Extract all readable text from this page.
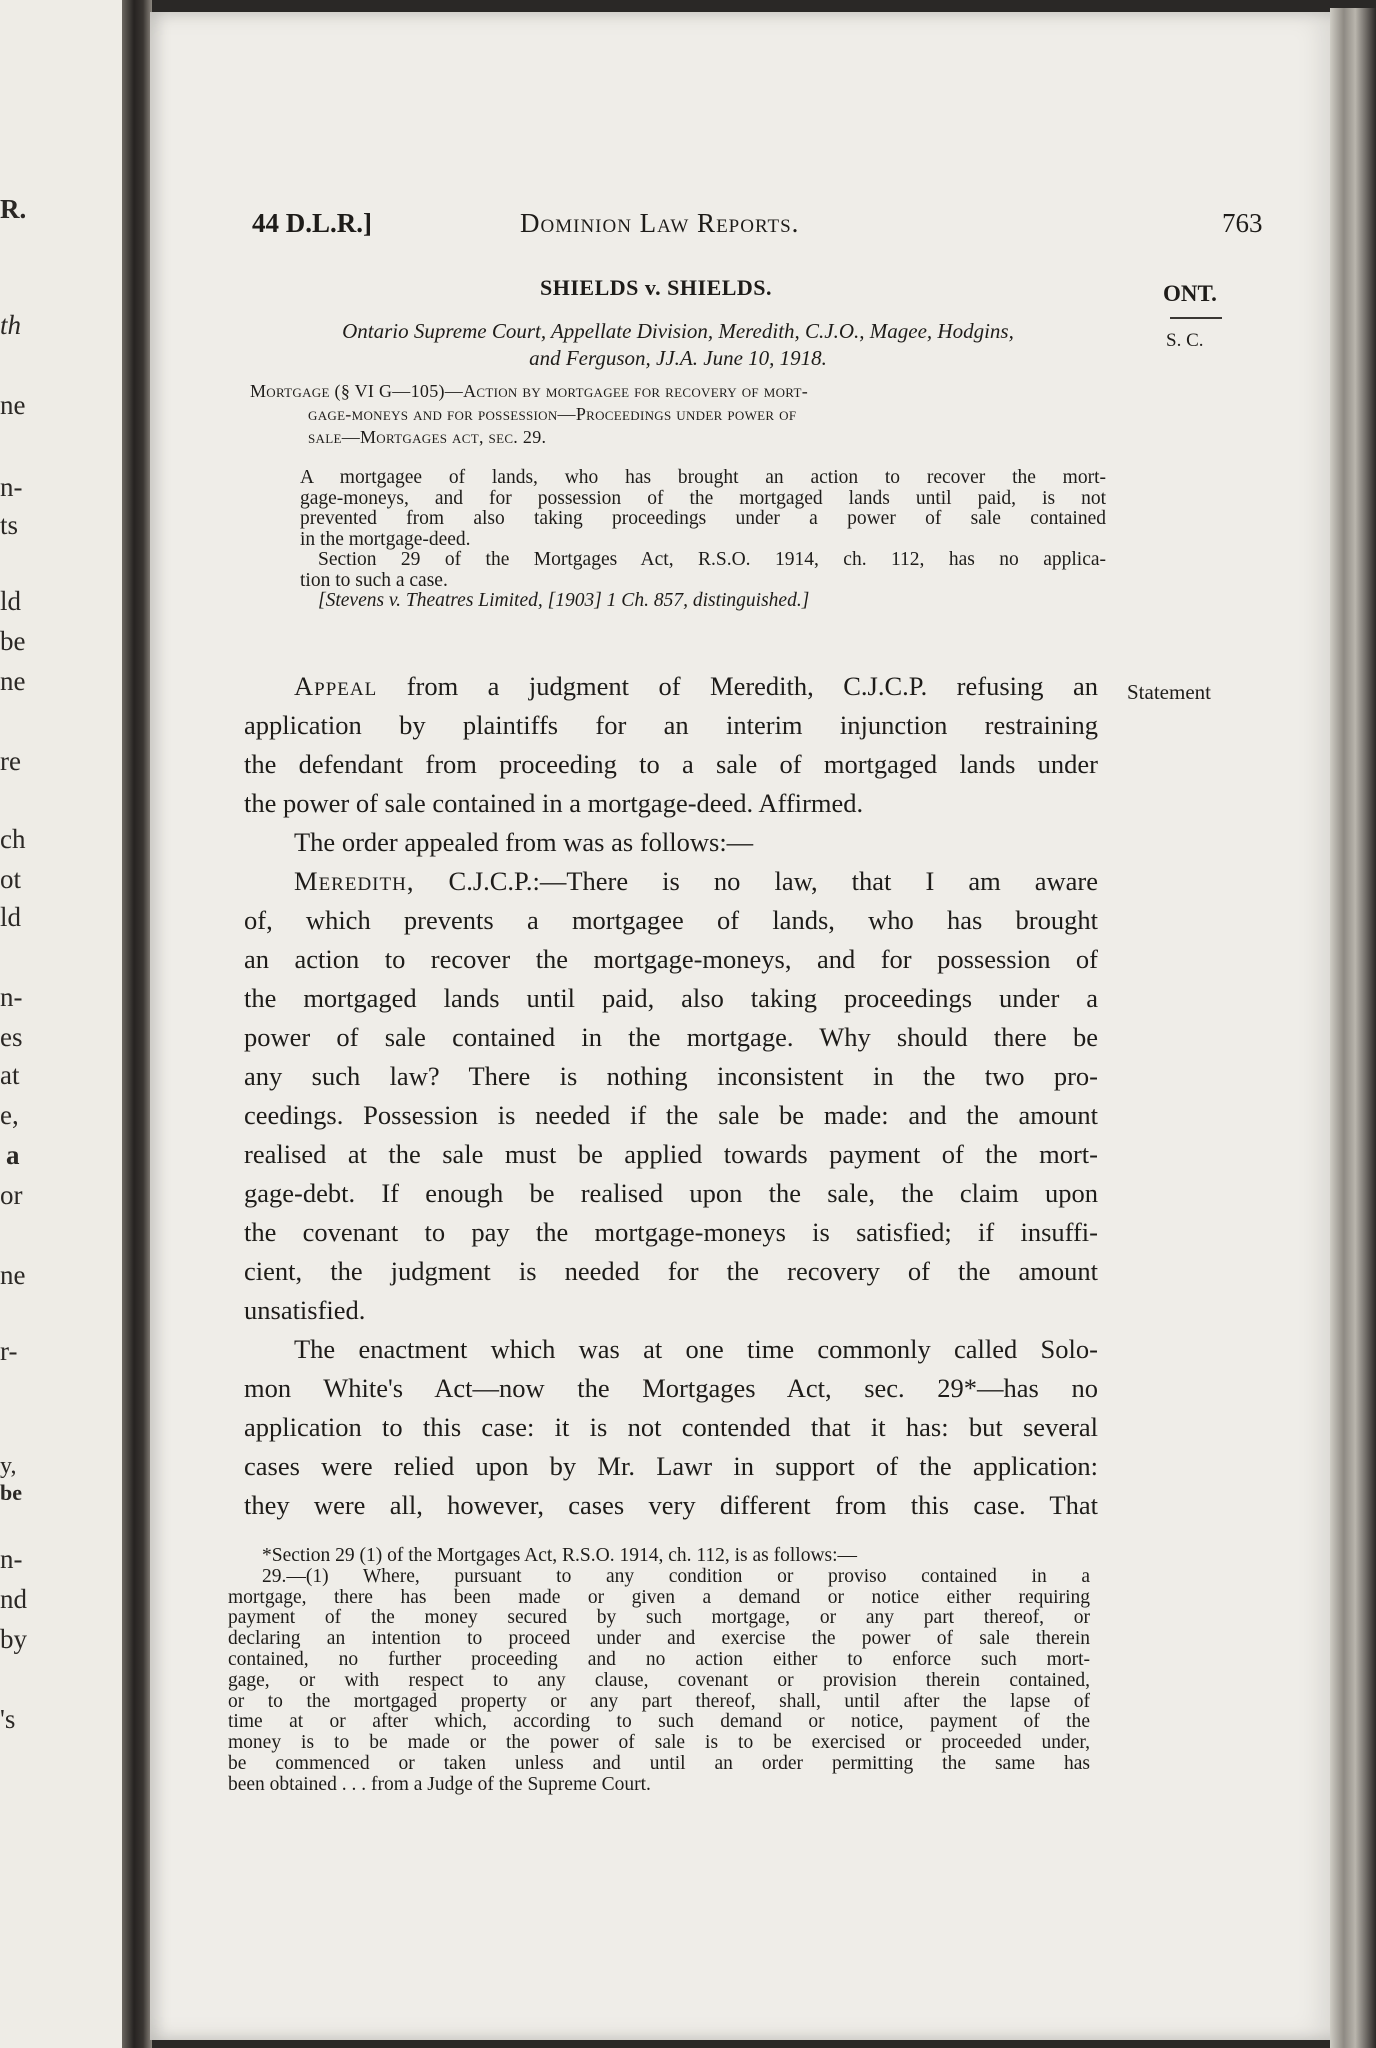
R.
th
ne
n-
ts
ld
be
ne
re
ch
ot
ld
n-
es
at
e,
a
or
ne
r-
y,
be
n-
nd
by
's
44 D.L.R.]	Dominion Law Reports.	763
SHIELDS v. SHIELDS.	ONT.
S. C.
Ontario Supreme Court, Appellate Division, Meredith, C.J.O., Magee, Hodgins,
and Ferguson, JJ.A. June 10, 1918.
Mortgage (§ VI G—105)—Action by mortgagee for recovery of mort-
gage-moneys and for possession—Proceedings under power of
sale—Mortgages act, sec. 29.
A mortgagee of lands, who has brought an action to recover the mort-
gage-moneys, and for possession of the mortgaged lands until paid, is not
prevented from also taking proceedings under a power of sale contained
in the mortgage-deed.
Section 29 of the Mortgages Act, R.S.O. 1914, ch. 112, has no applica-
tion to such a case.
[Stevens v. Theatres Limited, [1903] 1 Ch. 857, distinguished.]
Statement
Appeal from a judgment of Meredith, C.J.C.P. refusing an
application by plaintiffs for an interim injunction restraining
the defendant from proceeding to a sale of mortgaged lands under
the power of sale contained in a mortgage-deed. Affirmed.
The order appealed from was as follows:—
Meredith, C.J.C.P.:—There is no law, that I am aware
of, which prevents a mortgagee of lands, who has brought
an action to recover the mortgage-moneys, and for possession of
the mortgaged lands until paid, also taking proceedings under a
power of sale contained in the mortgage. Why should there be
any such law? There is nothing inconsistent in the two pro-
ceedings. Possession is needed if the sale be made: and the amount
realised at the sale must be applied towards payment of the mort-
gage-debt. If enough be realised upon the sale, the claim upon
the covenant to pay the mortgage-moneys is satisfied; if insuffi-
cient, the judgment is needed for the recovery of the amount
unsatisfied.
The enactment which was at one time commonly called Solo-
mon White's Act—now the Mortgages Act, sec. 29*—has no
application to this case: it is not contended that it has: but several
cases were relied upon by Mr. Lawr in support of the application:
they were all, however, cases very different from this case. That
*Section 29 (1) of the Mortgages Act, R.S.O. 1914, ch. 112, is as follows:—
29.—(1) Where, pursuant to any condition or proviso contained in a
mortgage, there has been made or given a demand or notice either requiring
payment of the money secured by such mortgage, or any part thereof, or
declaring an intention to proceed under and exercise the power of sale therein
contained, no further proceeding and no action either to enforce such mort-
gage, or with respect to any clause, covenant or provision therein contained,
or to the mortgaged property or any part thereof, shall, until after the lapse of
time at or after which, according to such demand or notice, payment of the
money is to be made or the power of sale is to be exercised or proceeded under,
be commenced or taken unless and until an order permitting the same has
been obtained . . . from a Judge of the Supreme Court.
